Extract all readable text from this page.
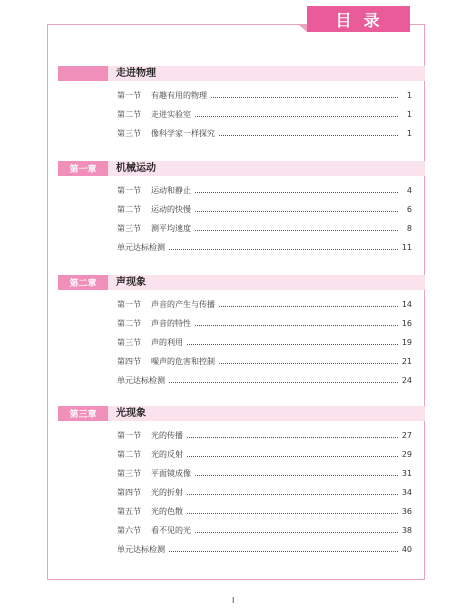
目录
走进物理
第一节	有趣有用的物理	1
第二节	走进实验室	1
第三节	像科学家一样探究	1
第一章	机械运动
第一节	运动和静止	4
第二节	运动的快慢	6
第三节	测平均速度	8
单元达标检测	11
第二章	声现象
第一节	声音的产生与传播	14
第二节	声音的特性	16
第三节	声的利用	19
第四节	噪声的危害和控制	21
单元达标检测	24
第三章	光现象
第一节	光的传播	27
第二节	光的反射	29
第三节	平面镜成像	31
第四节	光的折射	34
第五节	光的色散	36
第六节	看不见的光	38
单元达标检测	40
I
